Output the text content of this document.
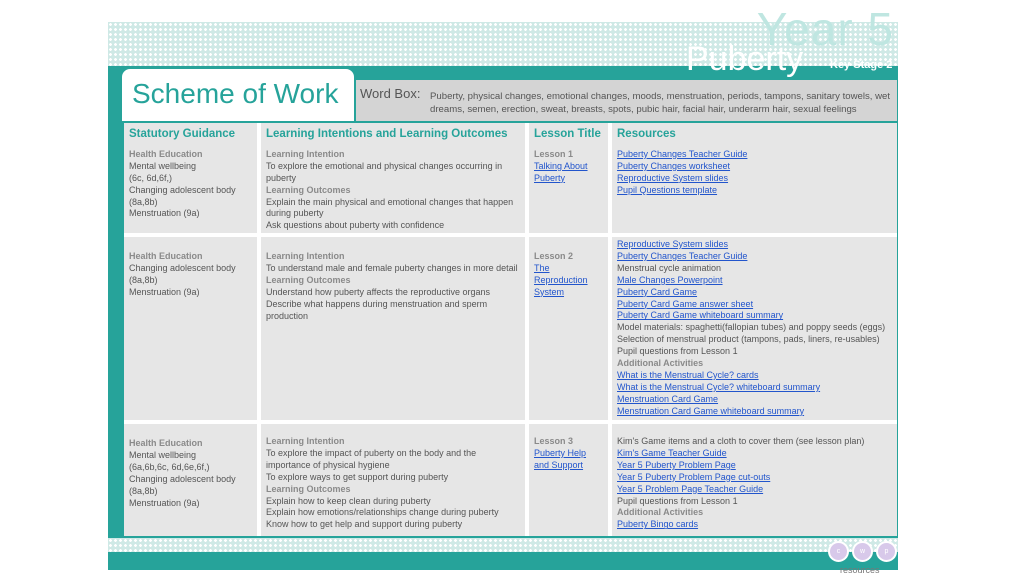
Year 5
Puberty Key Stage 2
Scheme of Work Word Box: Puberty, physical changes, emotional changes, moods, menstruation, periods, tampons, sanitary towels, wet dreams, semen, erection, sweat, breasts, spots, pubic hair, facial hair, underarm hair, sexual feelings
Statutory Guidance
Health Education
Mental wellbeing
(6c, 6d,6f,)
Changing adolescent body
(8a,8b)
Menstruation (9a)
Learning Intentions and Learning Outcomes
Learning Intention
To explore the emotional and physical changes occurring in puberty
Learning Outcomes
Explain the main physical and emotional changes that happen during puberty
Ask questions about puberty with confidence
Lesson Title
Lesson 1
Talking About Puberty
Resources
Puberty Changes Teacher Guide
Puberty Changes worksheet
Reproductive System slides
Pupil Questions template
Health Education
Changing adolescent body
(8a,8b)
Menstruation (9a)
Learning Intention
To understand male and female puberty changes in more detail
Learning Outcomes
Understand how puberty affects the reproductive organs
Describe what happens during menstruation and sperm production
Lesson 2
The Reproduction System
Reproductive System slides
Puberty Changes Teacher Guide
Menstrual cycle animation
Male Changes Powerpoint
Puberty Card Game
Puberty Card Game answer sheet
Puberty Card Game whiteboard summary
Model materials: spaghetti(fallopian tubes) and poppy seeds (eggs)
Selection of menstrual product (tampons, pads, liners, re-usables)
Pupil questions from Lesson 1
Additional Activities
What is the Menstrual Cycle? cards
What is the Menstrual Cycle? whiteboard summary
Menstruation Card Game
Menstruation Card Game whiteboard summary
Health Education
Mental wellbeing
(6a,6b,6c, 6d,6e,6f,)
Changing adolescent body
(8a,8b)
Menstruation (9a)
Learning Intention
To explore the impact of puberty on the body and the importance of physical hygiene
To explore ways to get support during puberty
Learning Outcomes
Explain how to keep clean during puberty
Explain how emotions/relationships change during puberty
Know how to get help and support during puberty
Lesson 3
Puberty Help and Support
Kim's Game items and a cloth to cover them (see lesson plan)
Kim's Game Teacher Guide
Year 5 Puberty Problem Page
Year 5 Puberty Problem Page cut-outs
Year 5 Problem Page Teacher Guide
Pupil questions from Lesson 1
Additional Activities
Puberty Bingo cards
c	w	p
resources
